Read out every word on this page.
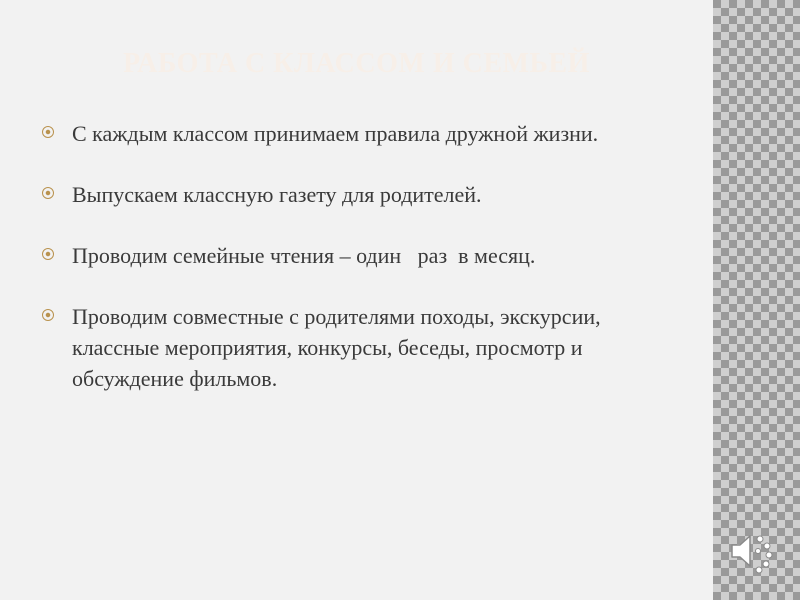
РАБОТА С КЛАССОМ И СЕМЬЕЙ
С каждым классом принимаем правила дружной жизни.
Выпускаем классную газету для родителей.
Проводим семейные чтения – один   раз  в месяц.
Проводим совместные с родителями походы, экскурсии, классные мероприятия, конкурсы, беседы, просмотр и обсуждение фильмов.
